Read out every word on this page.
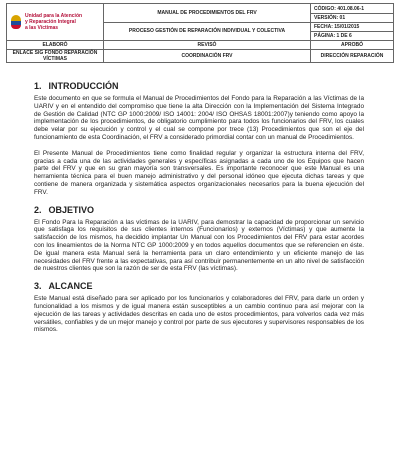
Unidad para la Atención
y Reparación Integral
a las Víctimas	MANUAL DE PROCEDIMIENTOS DEL FRV	CÓDIGO: 401.08.06-1
		VERSIÓN: 01
	PROCESO GESTIÓN DE REPARACIÓN INDIVIDUAL Y COLECTIVA	FECHA: 15/01/2015
		PÁGINA: 1 DE 6
ELABORÓ	REVISÓ	APROBÓ
ENLACE SIG FONDO REPARACIÓN VÍCTIMAS	COORDINACIÓN FRV	DIRECCIÓN REPARACIÓN
1. INTRODUCCIÓN

Este documento en que se formula el Manual de Procedimientos del Fondo para la Reparación a las Víctimas de la UARIV y en el entendido del compromiso que tiene la alta Dirección con la Implementación del Sistema Integrado de Gestión de Calidad (NTC GP 1000:2009/ ISO 14001: 2004/ ISO OHSAS 18001:2007)y teniendo como apoyo la implementación de los procedimientos, de obligatorio cumplimiento para todos los funcionarios del FRV, los cuales debe velar por su ejecución y control y el cual se compone por trece (13) Procedimientos que son el eje del funcionamiento de esta Coordinación, el FRV a considerado primordial contar con un manual de Procedimientos.

El Presente Manual de Procedimientos tiene como finalidad regular y organizar la estructura interna del FRV, gracias a cada una de las actividades generales y específicas asignadas a cada uno de los Equipos que hacen parte del FRV y que en su gran mayoría son transversales. Es importante reconocer que este Manual es una herramienta técnica para el buen manejo administrativo y del personal idóneo que ejecuta dichas tareas y que contiene de manera organizada y sistemática aspectos organizacionales necesarios para la buena ejecución del FRV.

2. OBJETIVO

El Fondo Para la Reparación a las víctimas de la UARIV, para demostrar la capacidad de proporcionar un servicio que satisfaga los requisitos de sus clientes internos (Funcionarios) y externos (Víctimas) y que aumente la satisfacción de los mismos, ha decidido implantar Un Manual con los Procedimientos del FRV para estar acordes con los lineamientos de la Norma NTC GP 1000:2009 y en todos aquellos documentos que se referencien en éste. De igual manera esta Manual será la herramienta para un claro entendimiento y un eficiente manejo de las necesidades del FRV frente a las expectativas, para así contribuir permanentemente en un alto nivel de satisfacción de nuestros clientes que son la razón de ser de esta FRV (las víctimas).

3. ALCANCE

Este Manual está diseñado para ser aplicado por los funcionarios y colaboradores del FRV, para darle un orden y funcionalidad a los mismos y de igual manera están susceptibles a un cambio continuo para así mejorar con la ejecución de las tareas y actividades descritas en cada uno de estos procedimientos, para volverlos cada vez más versátiles, confiables y de un mejor manejo y control por parte de sus ejecutores y supervisores responsables de los mismos.
